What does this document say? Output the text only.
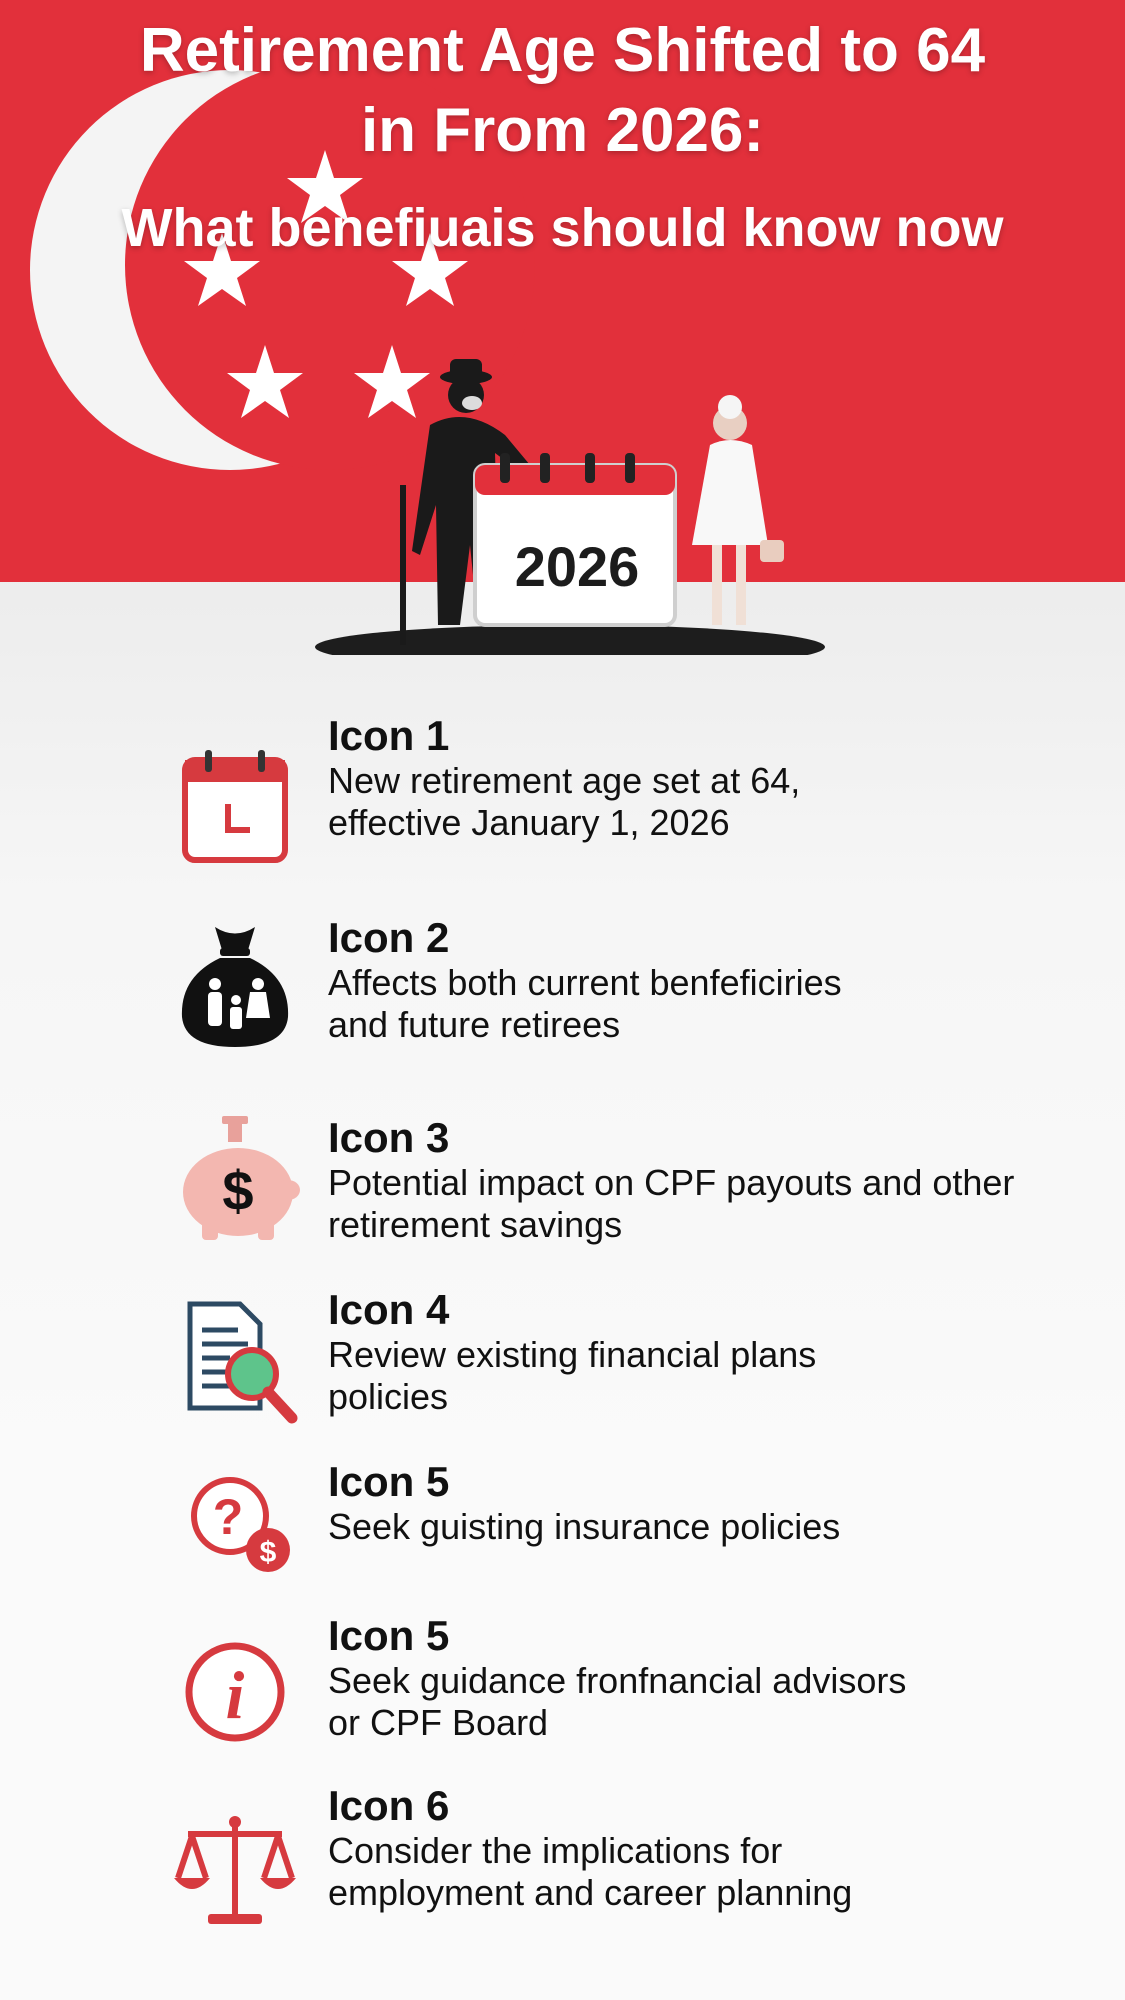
Retirement Age Shifted to 64
in From 2026:
What benefiuais should know now
2026
Icon 1
New retirement age set at 64,
effective January 1, 2026
Icon 2
Affects both current benfeficiries
and future retirees
$
Icon 3
Potential impact on CPF payouts and other
retirement savings
Icon 4
Review existing financial plans
policies
?
$
Icon 5
Seek guisting insurance policies
i
Icon 5
Seek guidance fronfnancial advisors
or CPF Board
Icon 6
Consider the implications for
employment and career planning
